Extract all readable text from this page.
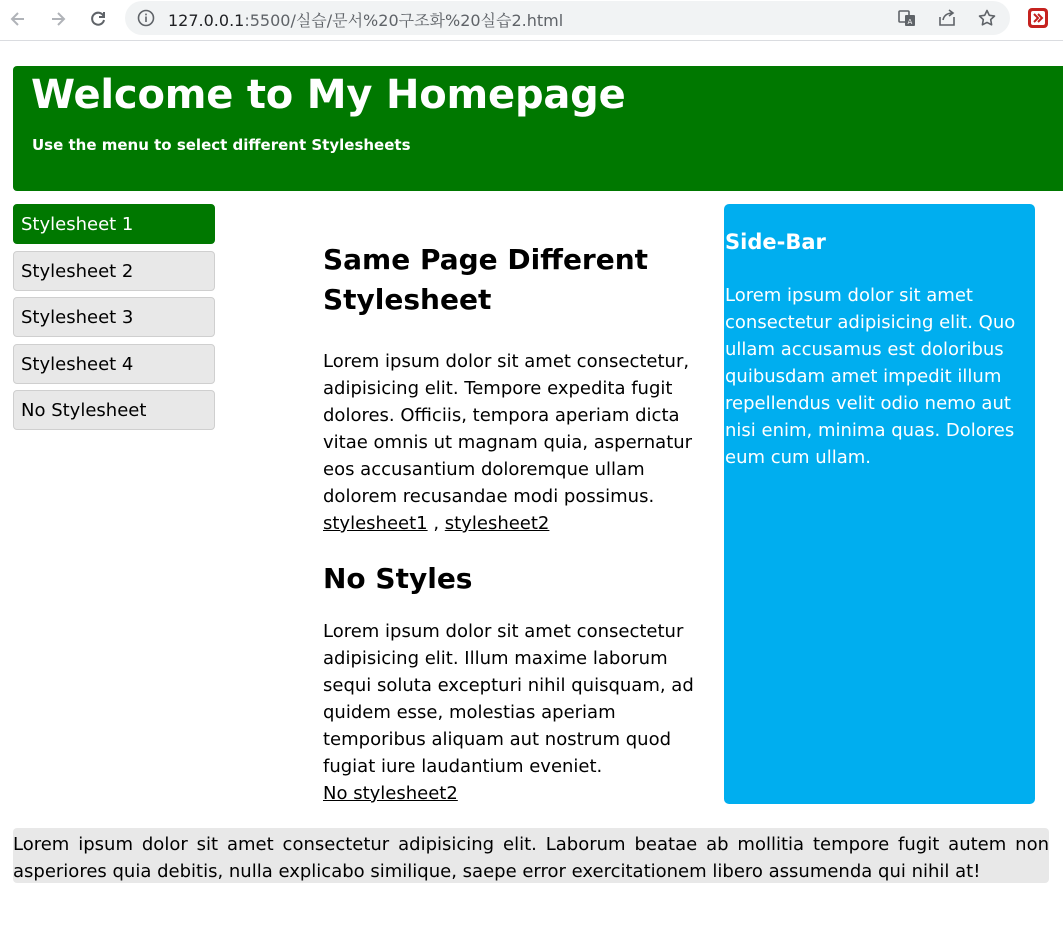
127.0.0.1:5500/실습/문서%20구조화%20실습2.html	A
Welcome to My Homepage

Use the menu to select different Stylesheets

Stylesheet 1
Stylesheet 2
Stylesheet 3
Stylesheet 4
No Stylesheet
Same Page Different Stylesheet

Lorem ipsum dolor sit amet consectetur, adipisicing elit. Tempore expedita fugit dolores. Officiis, tempora aperiam dicta vitae omnis ut magnam quia, aspernatur eos accusantium doloremque ullam dolorem recusandae modi possimus.
stylesheet1 , stylesheet2

No Styles

Lorem ipsum dolor sit amet consectetur adipisicing elit. Illum maxime laborum sequi soluta excepturi nihil quisquam, ad quidem esse, molestias aperiam temporibus aliquam aut nostrum quod fugiat iure laudantium eveniet.
No stylesheet2

Side-Bar

Lorem ipsum dolor sit amet consectetur adipisicing elit. Quo ullam accusamus est doloribus quibusdam amet impedit illum repellendus velit odio nemo aut nisi enim, minima quas. Dolores eum cum ullam.

Lorem ipsum dolor sit amet consectetur adipisicing elit. Laborum beatae ab mollitia tempore fugit autem non asperiores quia debitis, nulla explicabo similique, saepe error exercitationem libero assumenda qui nihil at!
